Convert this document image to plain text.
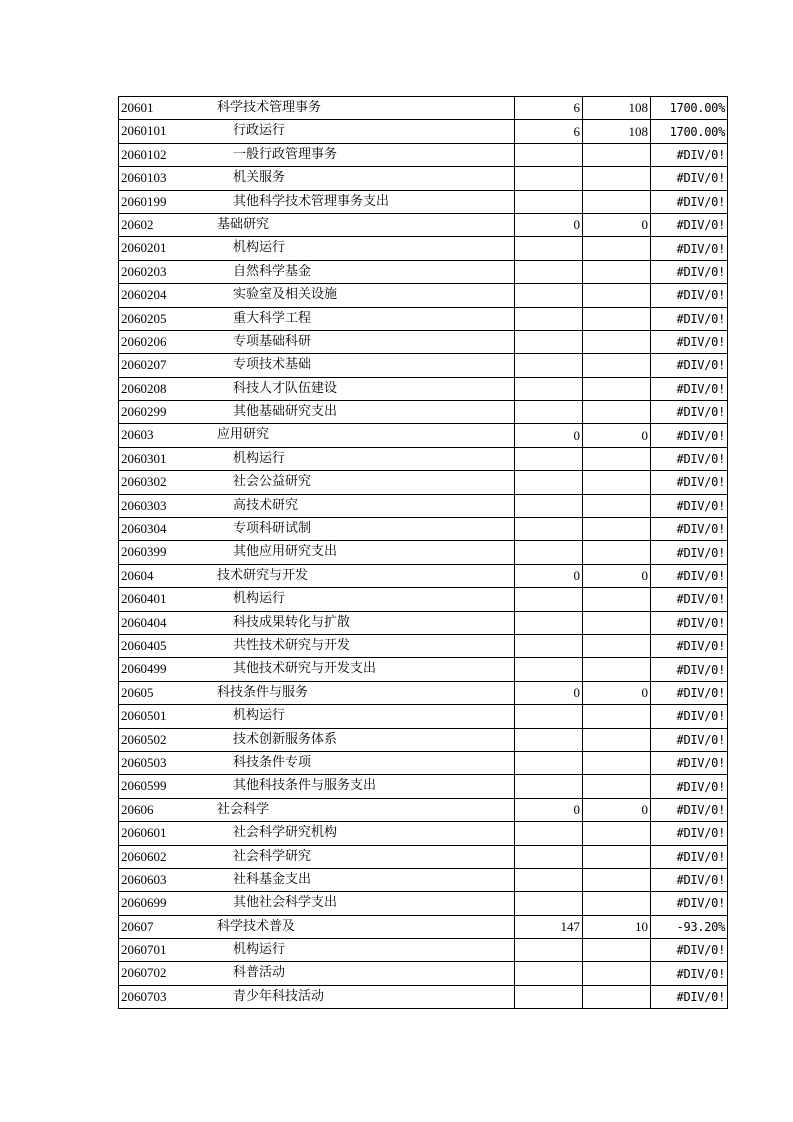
20601 科学技术管理事务	6	108	1700.00%

2060101 行政运行	6	108	1700.00%

2060102 一般行政管理事务			#DIV/0!

2060103 机关服务			#DIV/0!

2060199 其他科学技术管理事务支出			#DIV/0!

20602 基础研究	0	0	#DIV/0!

2060201 机构运行			#DIV/0!

2060203 自然科学基金			#DIV/0!

2060204 实验室及相关设施			#DIV/0!

2060205 重大科学工程			#DIV/0!

2060206 专项基础科研			#DIV/0!

2060207 专项技术基础			#DIV/0!

2060208 科技人才队伍建设			#DIV/0!

2060299 其他基础研究支出			#DIV/0!

20603 应用研究	0	0	#DIV/0!

2060301 机构运行			#DIV/0!

2060302 社会公益研究			#DIV/0!

2060303 高技术研究			#DIV/0!

2060304 专项科研试制			#DIV/0!

2060399 其他应用研究支出			#DIV/0!

20604 技术研究与开发	0	0	#DIV/0!

2060401 机构运行			#DIV/0!

2060404 科技成果转化与扩散			#DIV/0!

2060405 共性技术研究与开发			#DIV/0!

2060499 其他技术研究与开发支出			#DIV/0!

20605 科技条件与服务	0	0	#DIV/0!

2060501 机构运行			#DIV/0!

2060502 技术创新服务体系			#DIV/0!

2060503 科技条件专项			#DIV/0!

2060599 其他科技条件与服务支出			#DIV/0!

20606 社会科学	0	0	#DIV/0!

2060601 社会科学研究机构			#DIV/0!

2060602 社会科学研究			#DIV/0!

2060603 社科基金支出			#DIV/0!

2060699 其他社会科学支出			#DIV/0!

20607 科学技术普及	147	10	-93.20%

2060701 机构运行			#DIV/0!

2060702 科普活动			#DIV/0!

2060703 青少年科技活动			#DIV/0!
